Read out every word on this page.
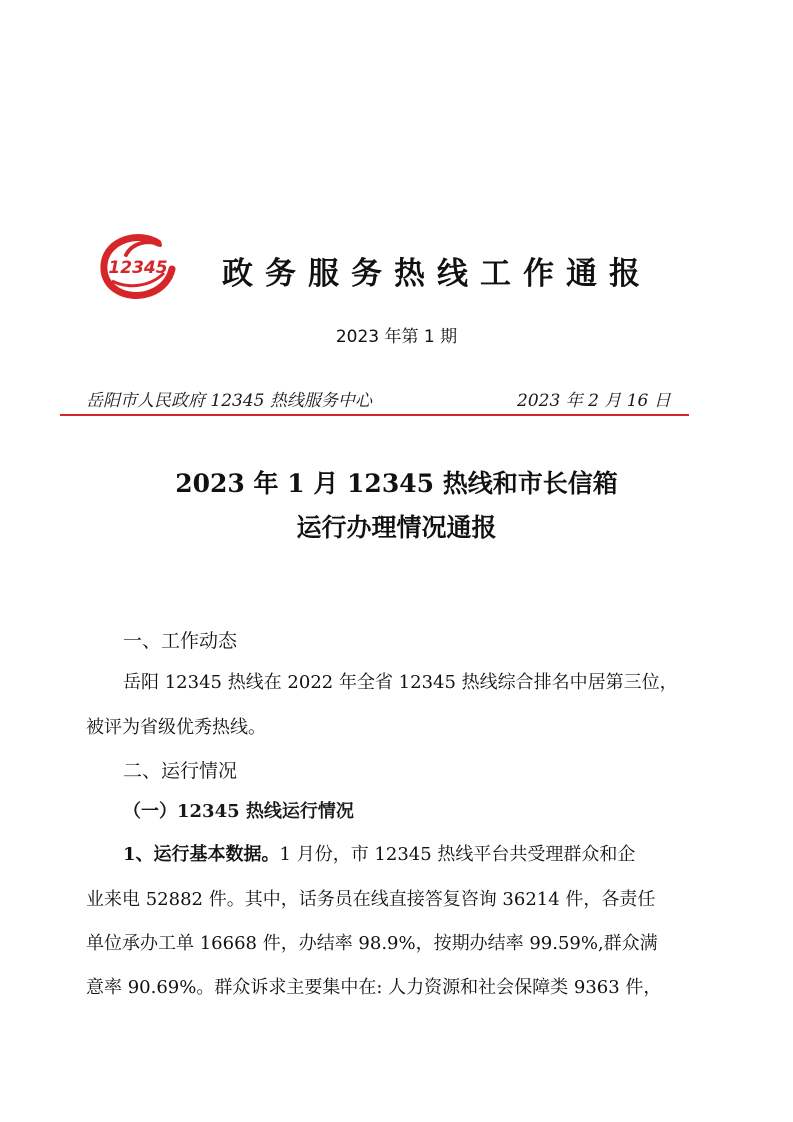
12345 政务服务热线工作通报
2023 年第 1 期
岳阳市人民政府 12345 热线服务中心	2023 年 2 月 16 日
2023 年 1 月 12345 热线和市长信箱
运行办理情况通报
一、工作动态
岳阳 12345 热线在 2022 年全省 12345 热线综合排名中居第三位，
被评为省级优秀热线。
二、运行情况
（一）12345 热线运行情况
1、运行基本数据。1 月份，市 12345 热线平台共受理群众和企
业来电 52882 件。其中，话务员在线直接答复咨询 36214 件，各责任
单位承办工单 16668 件，办结率 98.9%，按期办结率 99.59%,群众满
意率 90.69%。群众诉求主要集中在: 人力资源和社会保障类 9363 件，
